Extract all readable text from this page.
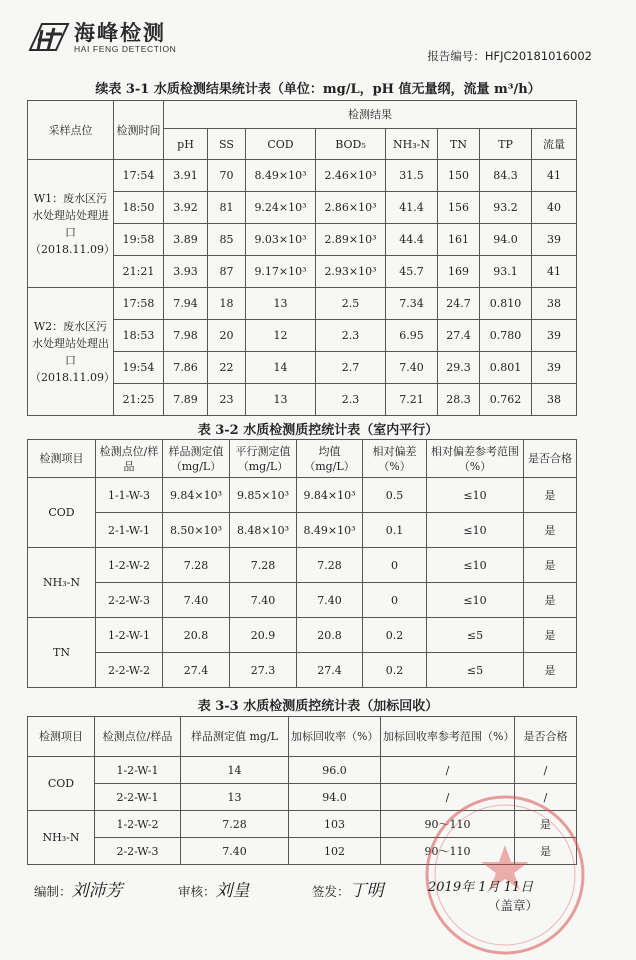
海峰检测
HAI FENG DETECTION	报告编号：HFJC20181016002
续表 3-1 水质检测结果统计表（单位：mg/L，pH 值无量纲，流量 m³/h）
采样点位	检测时间	检测结果							
		pH	SS	COD	BOD₅	NH₃-N	TN	TP	流量
W1：废水区污水处理站处理进口（2018.11.09）	17:54	3.91	70	8.49×10³	2.46×10³	31.5	150	84.3	41
	18:50	3.92	81	9.24×10³	2.86×10³	41.4	156	93.2	40
	19:58	3.89	85	9.03×10³	2.89×10³	44.4	161	94.0	39
	21:21	3.93	87	9.17×10³	2.93×10³	45.7	169	93.1	41
W2：废水区污水处理站处理出口（2018.11.09）	17:58	7.94	18	13	2.5	7.34	24.7	0.810	38
	18:53	7.98	20	12	2.3	6.95	27.4	0.780	39
	19:54	7.86	22	14	2.7	7.40	29.3	0.801	39
	21:25	7.89	23	13	2.3	7.21	28.3	0.762	38
表 3-2 水质检测质控统计表（室内平行）
检测项目	检测点位/样品	样品测定值（mg/L）	平行测定值（mg/L）	均值（mg/L）	相对偏差（%）	相对偏差参考范围（%）	是否合格
COD	1-1-W-3	9.84×10³	9.85×10³	9.84×10³	0.5	≤10	是
	2-1-W-1	8.50×10³	8.48×10³	8.49×10³	0.1	≤10	是
NH₃-N	1-2-W-2	7.28	7.28	7.28	0	≤10	是
	2-2-W-3	7.40	7.40	7.40	0	≤10	是
TN	1-2-W-1	20.8	20.9	20.8	0.2	≤5	是
	2-2-W-2	27.4	27.3	27.4	0.2	≤5	是
表 3-3 水质检测质控统计表（加标回收）
检测项目	检测点位/样品	样品测定值 mg/L	加标回收率（%）	加标回收率参考范围（%）	是否合格
COD	1-2-W-1	14	96.0	/	/
	2-2-W-1	13	94.0	/	/
NH₃-N	1-2-W-2	7.28	103	90～110	是
	2-2-W-3	7.40	102	90～110	是
编制：刘沛芳	审核：刘皇	签发：丁明	2019年 1月 11日
（盖章）
